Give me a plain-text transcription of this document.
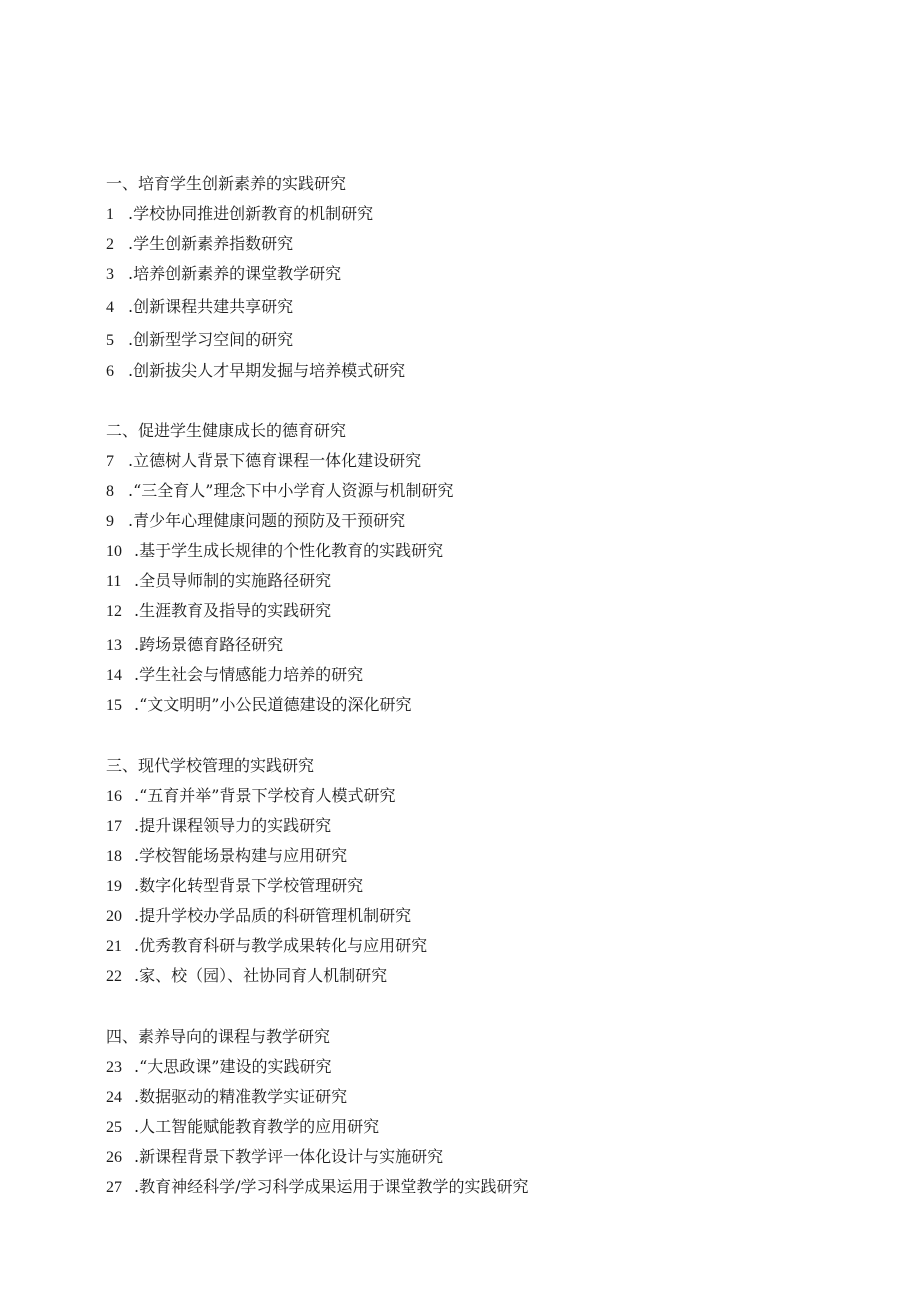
一、培育学生创新素养的实践研究
1 .学校协同推进创新教育的机制研究
2 .学生创新素养指数研究
3 .培养创新素养的课堂教学研究
4 .创新课程共建共享研究
5 .创新型学习空间的研究
6 .创新拔尖人才早期发掘与培养模式研究
二、促进学生健康成长的德育研究
7 .立德树人背景下德育课程一体化建设研究
8 .“三全育人”理念下中小学育人资源与机制研究
9 .青少年心理健康问题的预防及干预研究
10 .基于学生成长规律的个性化教育的实践研究
11 .全员导师制的实施路径研究
12 .生涯教育及指导的实践研究
13 .跨场景德育路径研究
14 .学生社会与情感能力培养的研究
15 .“文文明明”小公民道德建设的深化研究
三、现代学校管理的实践研究
16 .“五育并举”背景下学校育人模式研究
17 .提升课程领导力的实践研究
18 .学校智能场景构建与应用研究
19 .数字化转型背景下学校管理研究
20 .提升学校办学品质的科研管理机制研究
21 .优秀教育科研与教学成果转化与应用研究
22 .家、校（园）、社协同育人机制研究
四、素养导向的课程与教学研究
23 .“大思政课”建设的实践研究
24 .数据驱动的精准教学实证研究
25 .人工智能赋能教育教学的应用研究
26 .新课程背景下教学评一体化设计与实施研究
27 .教育神经科学/学习科学成果运用于课堂教学的实践研究
